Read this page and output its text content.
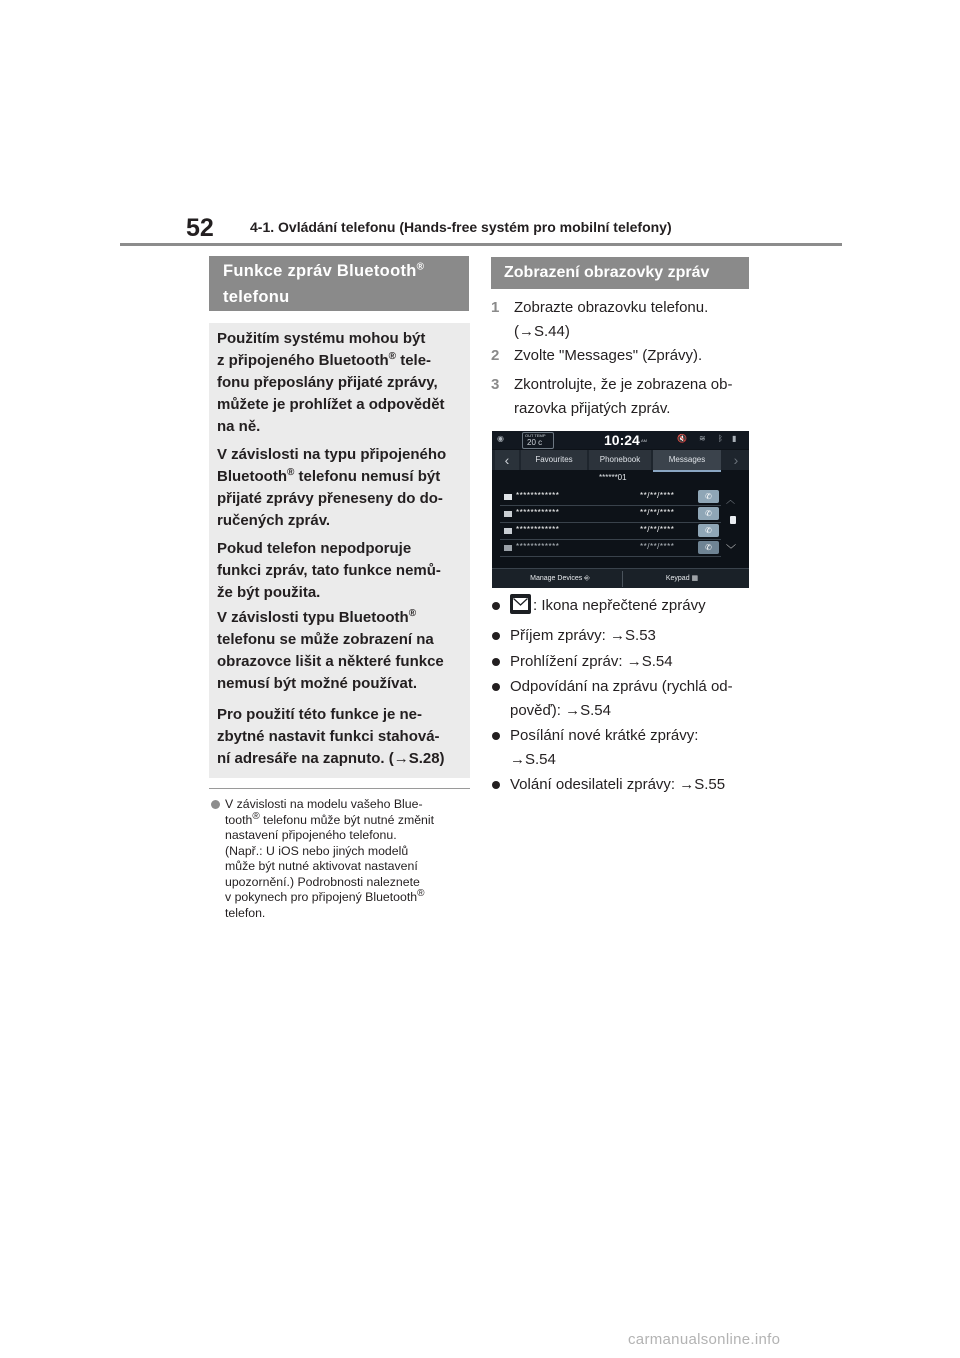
52	4-1. Ovládání telefonu (Hands-free systém pro mobilní telefony)
Funkce zpráv Bluetooth®
telefonu
Použitím systému mohou být
z připojeného Bluetooth® tele-
fonu přeposlány přijaté zprávy,
můžete je prohlížet a odpovědět
na ně.
V závislosti na typu připojeného
Bluetooth® telefonu nemusí být
přijaté zprávy přeneseny do do-
ručených zpráv.
Pokud telefon nepodporuje
funkci zpráv, tato funkce nemů-
že být použita.
V závislosti typu Bluetooth®
telefonu se může zobrazení na
obrazovce lišit a některé funkce
nemusí být možné používat.
Pro použití této funkce je ne-
zbytné nastavit funkci stahová-
ní adresáře na zapnuto. (→S.28)
V závislosti na modelu vašeho Blue-
tooth® telefonu může být nutné změnit
nastavení připojeného telefonu.
(Např.: U iOS nebo jiných modelů
může být nutné aktivovat nastavení
upozornění.) Podrobnosti naleznete
v pokynech pro připojený Bluetooth®
telefon.
Zobrazení obrazovky zpráv
1 Zobrazte obrazovku telefonu.
(→S.44)
2 Zvolte "Messages" (Zprávy).
3 Zkontrolujte, že je zobrazena ob-
razovka přijatých zpráv.
◉	OUT TEMP
20 c	10:24 AM	🔇 ≋ ᛒ ▮
‹	Favourites	Phonebook	Messages	›
******01
************	**/**/****	✆
************	**/**/****	✆
************	**/**/****	✆
************	**/**/****	✆
︿
﹀
Manage Devices ⎆	Keypad ▦
: Ikona nepřečtené zprávy
Příjem zprávy: →S.53
Prohlížení zpráv: →S.54
Odpovídání na zprávu (rychlá od-
pověď): →S.54
Posílání nové krátké zprávy:
→S.54
Volání odesilateli zprávy: →S.55
carmanualsonline.info
